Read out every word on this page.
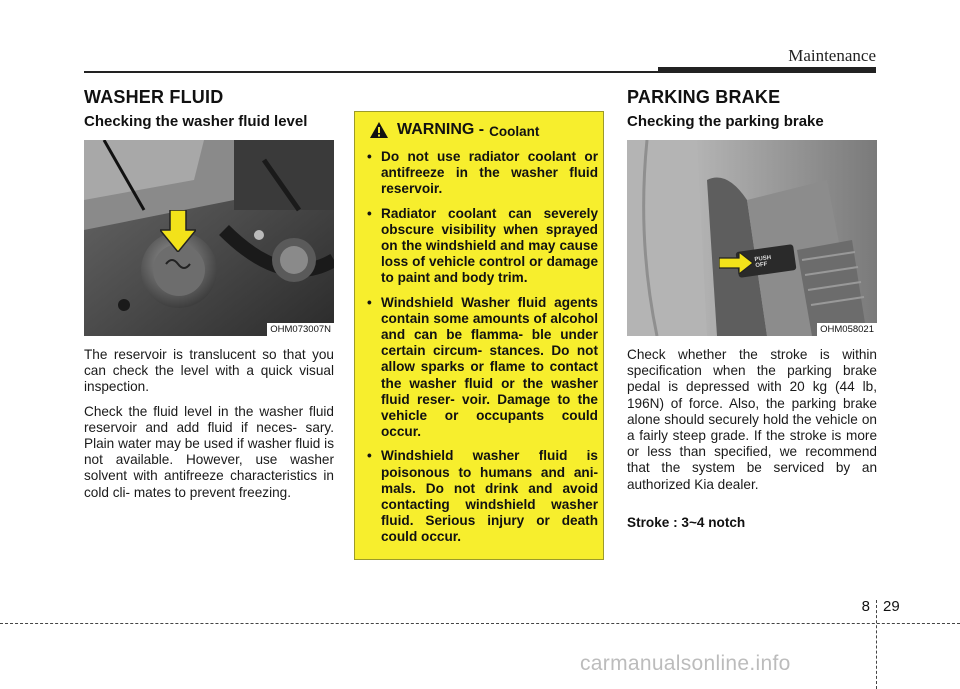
Maintenance
WASHER FLUID
Checking the washer fluid level
OHM073007N

The reservoir is translucent so that you can check the level with a quick visual inspection.

Check the fluid level in the washer fluid reservoir and add fluid if neces- sary. Plain water may be used if washer fluid is not available. However, use washer solvent with antifreeze characteristics in cold cli- mates to prevent freezing.

WARNING - Coolant
• Do not use radiator coolant or antifreeze in the washer fluid reservoir.
• Radiator coolant can severely obscure visibility when sprayed on the windshield and may cause loss of vehicle control or damage to paint and body trim.
• Windshield Washer fluid agents contain some amounts of alcohol and can be flamma- ble under certain circum- stances. Do not allow sparks or flame to contact the washer fluid or the washer fluid reser- voir. Damage to the vehicle or occupants could occur.
• Windshield washer fluid is poisonous to humans and ani- mals. Do not drink and avoid contacting windshield washer fluid. Serious injury or death could occur.
PARKING BRAKE
Checking the parking brake
PUSH
OFF
OHM058021

Check whether the stroke is within specification when the parking brake pedal is depressed with 20 kg (44 lb, 196N) of force. Also, the parking brake alone should securely hold the vehicle on a fairly steep grade. If the stroke is more or less than specified, we recommend that the system be serviced by an authorized Kia dealer.

Stroke : 3~4 notch
8 29
carmanualsonline.info
